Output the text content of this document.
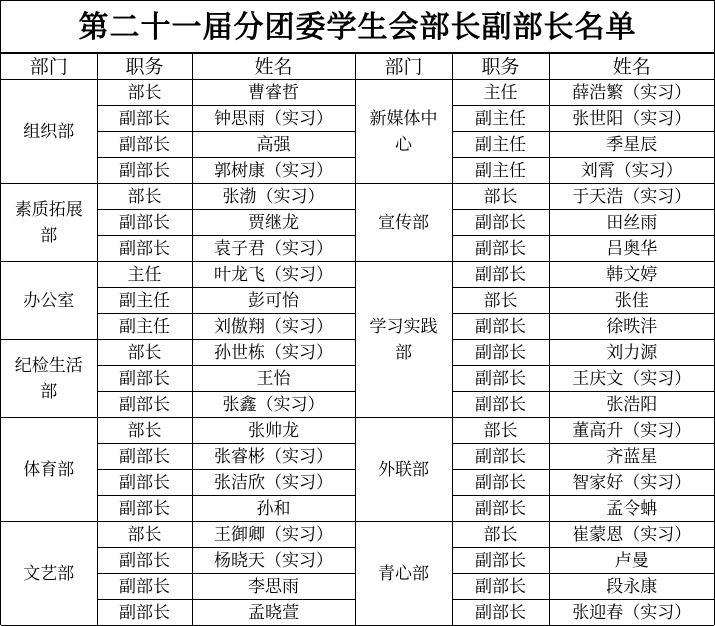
第二十一届分团委学生会部长副部长名单
部门	职务	姓名	部门	职务	姓名
组织部	部长	曹睿哲	新媒体中心	主任	薛浩繁（实习）
	副部长	钟思雨（实习）		副主任	张世阳（实习）
	副部长	高强		副主任	季星辰
	副部长	郭树康（实习）		副主任	刘霄（实习）
素质拓展部	部长	张渤（实习）	宣传部	部长	于天浩（实习）
	副部长	贾继龙		副部长	田丝雨
	副部长	袁子君（实习）		副部长	吕奥华
办公室	主任	叶龙飞（实习）	学习实践部	副部长	韩文婷
	副主任	彭可怡		部长	张佳
	副主任	刘傲翔（实习）		副部长	徐昳沣
纪检生活部	部长	孙世栋（实习）		副部长	刘力源
	副部长	王怡		副部长	王庆文（实习）
	副部长	张鑫（实习）		副部长	张浩阳
体育部	部长	张帅龙	外联部	部长	董高升（实习）
	副部长	张睿彬（实习）		副部长	齐蓝星
	副部长	张洁欣（实习）		副部长	智家好（实习）
	副部长	孙和		副部长	孟令蚺
文艺部	部长	王御卿（实习）	青心部	部长	崔蒙恩（实习）
	副部长	杨晓天（实习）		副部长	卢曼
	副部长	李思雨		副部长	段永康
	副部长	孟晓萱		副部长	张迎春（实习）
